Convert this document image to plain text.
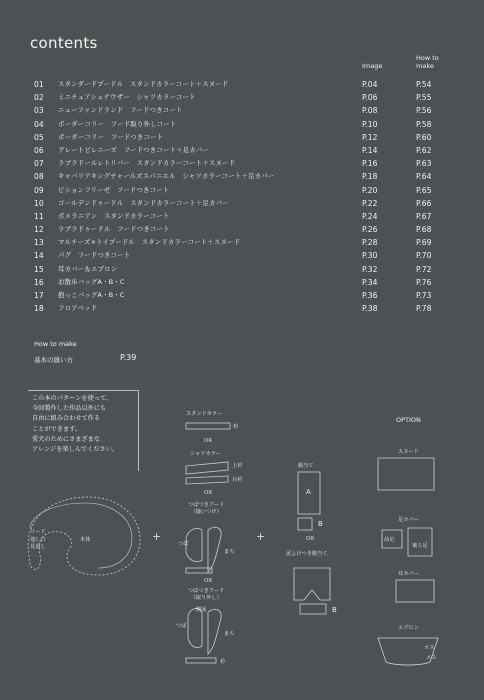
contents
Image
How to
make
01	スタンダードプードル　スタンドカラーコート＋スヌード	P.04	P.54
02	ミニチュアシュナウザー　シャツカラーコート	P.06	P.55
03	ニューファンドランド　フードつきコート	P.08	P.56
04	ボーダーコリー　フード取り外しコート	P.10	P.58
05	ボーダーコリー　フードつきコート	P.12	P.60
06	グレートピレニーズ　フードつきコート＋足カバー	P.14	P.62
07	ラブラドールレトリバー　スタンドカラーコート＋スヌード	P.16	P.63
08	キャバリアキングチャールズスパニエル　シャツカラーコート＋足カバー	P.18	P.64
09	ビションフリーゼ　フードつきコート	P.20	P.65
10	ゴールデンドゥードル　スタンドカラーコート＋足カバー	P.22	P.66
11	ポメラニアン　スタンドカラーコート	P.24	P.67
12	ラブラドゥードル　フードつきコート	P.26	P.68
13	マルチーズ×トイプードル　スタンドカラーコート＋スヌード	P.28	P.69
14	パグ　フードつきコート	P.30	P.70
15	耳カバー＆エプロン	P.32	P.72
16	お散歩バッグA・B・C	P.34	P.76
17	抱っこバッグA・B・C	P.36	P.73
18	フロアベッド	P.38	P.78
How to make
基本の縫い方	P.39
この本のパターンを使って、
今回製作した作品以外にも
自由に組み合わせて作る
ことができます。
愛犬のためにさまざまな
アレンジを楽しんでください。
リード
通し口
見返し
本体	+	+
スタンドカラー
衿
OR
シャツカラー
上衿
台衿
OR
つばつきフード
（縫いつけ）
つば
まち
OR
つばつきフード
（取り外し）
側面
つば
まち
衿
腹当て
A
B
OR
泥よけつき腹当て
B
OPTION
スヌード
足カバー
前足
後ろ足
耳カバー
エプロン
オス
メス
